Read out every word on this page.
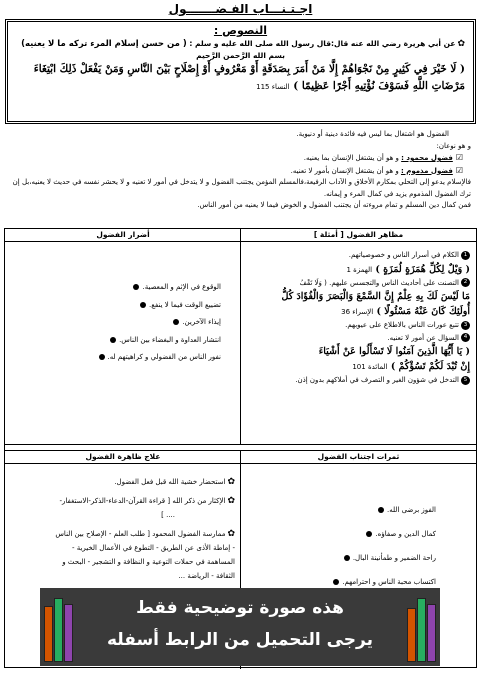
اجـتـنـــاب الفـضـــــــول
النصوص :
✿عن أبي هريرة رضي الله عنه قال:قال رسول الله صلى الله عليه و سلم : ( من حسن إسلام المرء تركه ما لا يعنيه)
بسم الله الرَّحمن الرَّحيم
( لَا خَيْرَ فِي كَثِيرٍ مِنْ نَجْوَاهُمْ إِلَّا مَنْ أَمَرَ بِصَدَقَةٍ أَوْ مَعْرُوفٍ أَوْ إِصْلَاحٍ بَيْنَ النَّاسِ وَمَنْ يَفْعَلْ ذَلِكَ ابْتِغَاءَ مَرْضَاتِ اللَّهِ فَسَوْفَ نُؤْتِيهِ أَجْرًا عَظِيمًا ) النساء 115

الفضول هو اشتغال بما ليس فيه فائدة دينية أو دنيوية.

و هو نوعان:

☑فضول محمود : و هو أن يشتغل الإنسان بما يعنيه.

☑فضول مذموم : و هو أن يشتغل الإنسان بأمور لا تعنيه.

فالإسلام يدعو إلى التحلي بمكارم الأخلاق و الآداب الرفيعة،فالمسلم المؤمن يجتنب الفضول و لا يتدخل في أمور لا تعنيه و لا يحشر نفسه في حديث لا يعنيه،بل إن ترك الفضول المذموم يزيد في كمال المرء و إيمانه.

فمن كمال دين المسلم و تمام مروءته أن يجتنب الفضول و الخوض فيما لا يعنيه من أمور الناس.

مظاهر الفضول [ أمثلة ]
1الكلام في أسرار الناس و خصوصياتهم.
( وَيْلٌ لِكُلِّ هُمَزَةٍ لُمَزَةٍ ) الهمزة 1
2التصنت على أحاديث الناس والتجسس عليهم. ( وَلَا تَقْفُ
مَا لَيْسَ لَكَ بِهِ عِلْمٌ إِنَّ السَّمْعَ وَالْبَصَرَ وَالْفُؤَادَ كُلُّ
أُولَئِكَ كَانَ عَنْهُ مَسْئُولًا ) الإسراء 36
3تتبع عورات الناس بالاطلاع على عيوبهم.
4السؤال عن أمور لا تعنيه.
( يَا أَيُّهَا الَّذِينَ آمَنُوا لَا تَسْأَلُوا عَنْ أَشْيَاءَ
إِنْ تُبْدَ لَكُمْ تَسُؤْكُمْ ) المائدة 101
5التدخل في شؤون الغير و التصرف في أملاكهم بدون إذن.
أضرار الفضول
الوقوع في الإثم و المعصية.
تضييع الوقت فيما لا ينفع.
إيذاء الآخرين.
انتشار العداوة و البغضاء بين الناس.
نفور الناس من الفضولي و كراهيتهم له.
ثمرات اجتناب الفضول
الفوز برضى الله.
كمال الدين و صفاؤه.
راحة الضمير و طمأنينة البال.
اكتساب محبة الناس و احترامهم.
علاج ظاهرة الفضول
✿استحضار خشية الله قبل فعل الفضول.
✿الإكثار من ذكر الله [ قراءة القرآن-الدعاء-الذكر-الاستغفار-
.... ]
✿ممارسة الفضول المحمود [ طلب العلم - الإصلاح بين الناس
- إماطة الأذى عن الطريق - التطوع في الأعمال الخيرية -
المساهمة في حملات التوعية و النظافة و التشجير - البحث و
الثقافة - الرياضة ...
هذه صورة توضيحية فقط
يرجى التحميل من الرابط أسفله
